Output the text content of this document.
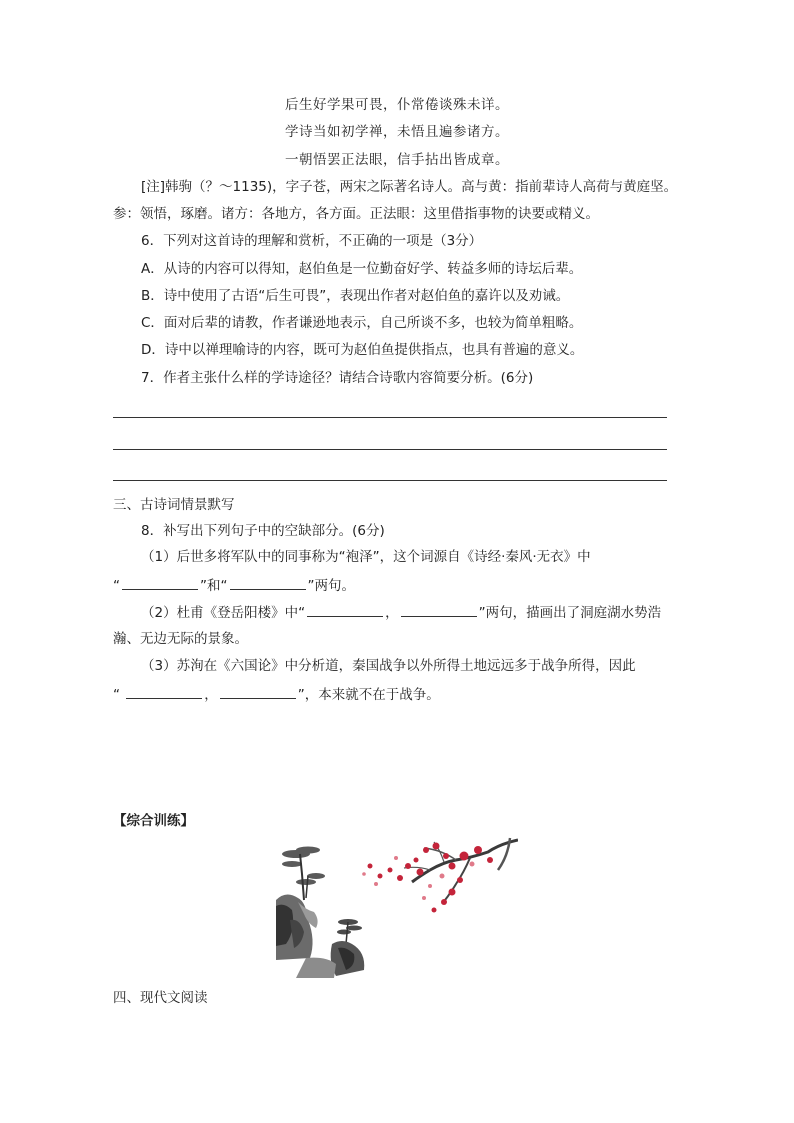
后生好学果可畏，仆常倦谈殊未详。
学诗当如初学禅，未悟且遍参诸方。
一朝悟罢正法眼，信手拈出皆成章。
[注]韩驹（？～1135)，字子苍，两宋之际著名诗人。高与黄：指前辈诗人高荷与黄庭坚。
参：领悟，琢磨。诸方：各地方，各方面。正法眼：这里借指事物的诀要或精义。
6．下列对这首诗的理解和赏析，不正确的一项是（3分）
A．从诗的内容可以得知，赵伯鱼是一位勤奋好学、转益多师的诗坛后辈。
B．诗中使用了古语“后生可畏”，表现出作者对赵伯鱼的嘉许以及劝诫。
C．面对后辈的请教，作者谦逊地表示，自己所谈不多，也较为简单粗略。
D．诗中以禅理喻诗的内容，既可为赵伯鱼提供指点，也具有普遍的意义。
7．作者主张什么样的学诗途径？请结合诗歌内容简要分析。(6分)
三、古诗词情景默写
8．补写出下列句子中的空缺部分。(6分)
（1）后世多将军队中的同事称为“袍泽”，这个词源自《诗经·秦风·无衣》中
“	”和“	”两句。
（2）杜甫《登岳阳楼》中“	，	”两句，描画出了洞庭湖水势浩
瀚、无边无际的景象。
（3）苏洵在《六国论》中分析道，秦国战争以外所得土地远远多于战争所得，因此
“	，	”，本来就不在于战争。
【综合训练】
四、现代文阅读
